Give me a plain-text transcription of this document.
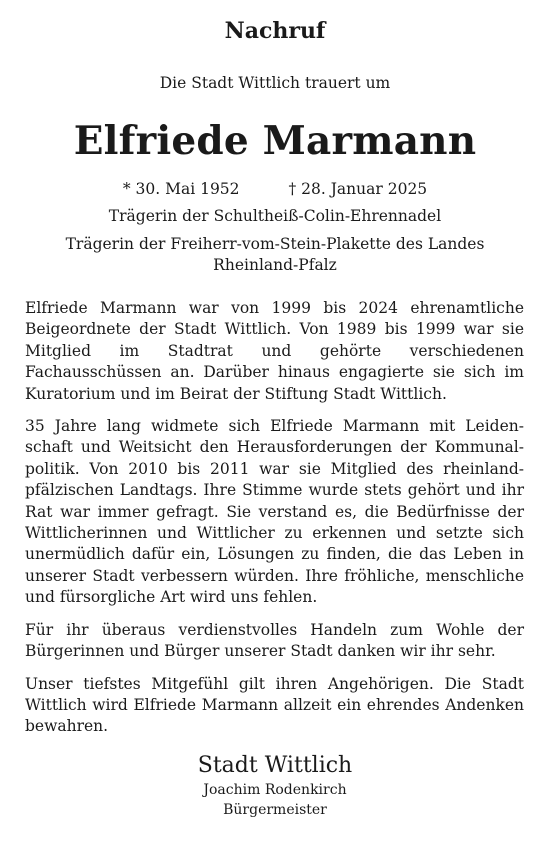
Nachruf
Die Stadt Wittlich trauert um
Elfriede Marmann
* 30. Mai 1952	† 28. Januar 2025
Trägerin der Schultheiß-Colin-Ehrennadel
Trägerin der Freiherr-vom-Stein-Plakette des Landes
Rheinland-Pfalz

Elfriede Marmann war von 1999 bis 2024 ehrenamtliche Beigeordnete der Stadt Wittlich. Von 1989 bis 1999 war sie Mitglied im Stadtrat und gehörte verschiedenen Fachausschüssen an. Darüber hinaus engagierte sie sich im Kuratorium und im Beirat der Stiftung Stadt Wittlich.

35 Jahre lang widmete sich Elfriede Marmann mit Leidenschaft und Weitsicht den Herausforderungen der Kommunalpolitik. Von 2010 bis 2011 war sie Mitglied des rheinland-pfälzischen Landtags. Ihre Stimme wurde stets gehört und ihr Rat war immer gefragt. Sie verstand es, die Bedürfnisse der Wittlicherinnen und Wittlicher zu erkennen und setzte sich unermüdlich dafür ein, Lösungen zu finden, die das Leben in unserer Stadt verbessern würden. Ihre fröhliche, menschliche und fürsorgliche Art wird uns fehlen.

Für ihr überaus verdienstvolles Handeln zum Wohle der Bürgerinnen und Bürger unserer Stadt danken wir ihr sehr.

Unser tiefstes Mitgefühl gilt ihren Angehörigen. Die Stadt Wittlich wird Elfriede Marmann allzeit ein ehrendes Andenken bewahren.

Stadt Wittlich
Joachim Rodenkirch
Bürgermeister
